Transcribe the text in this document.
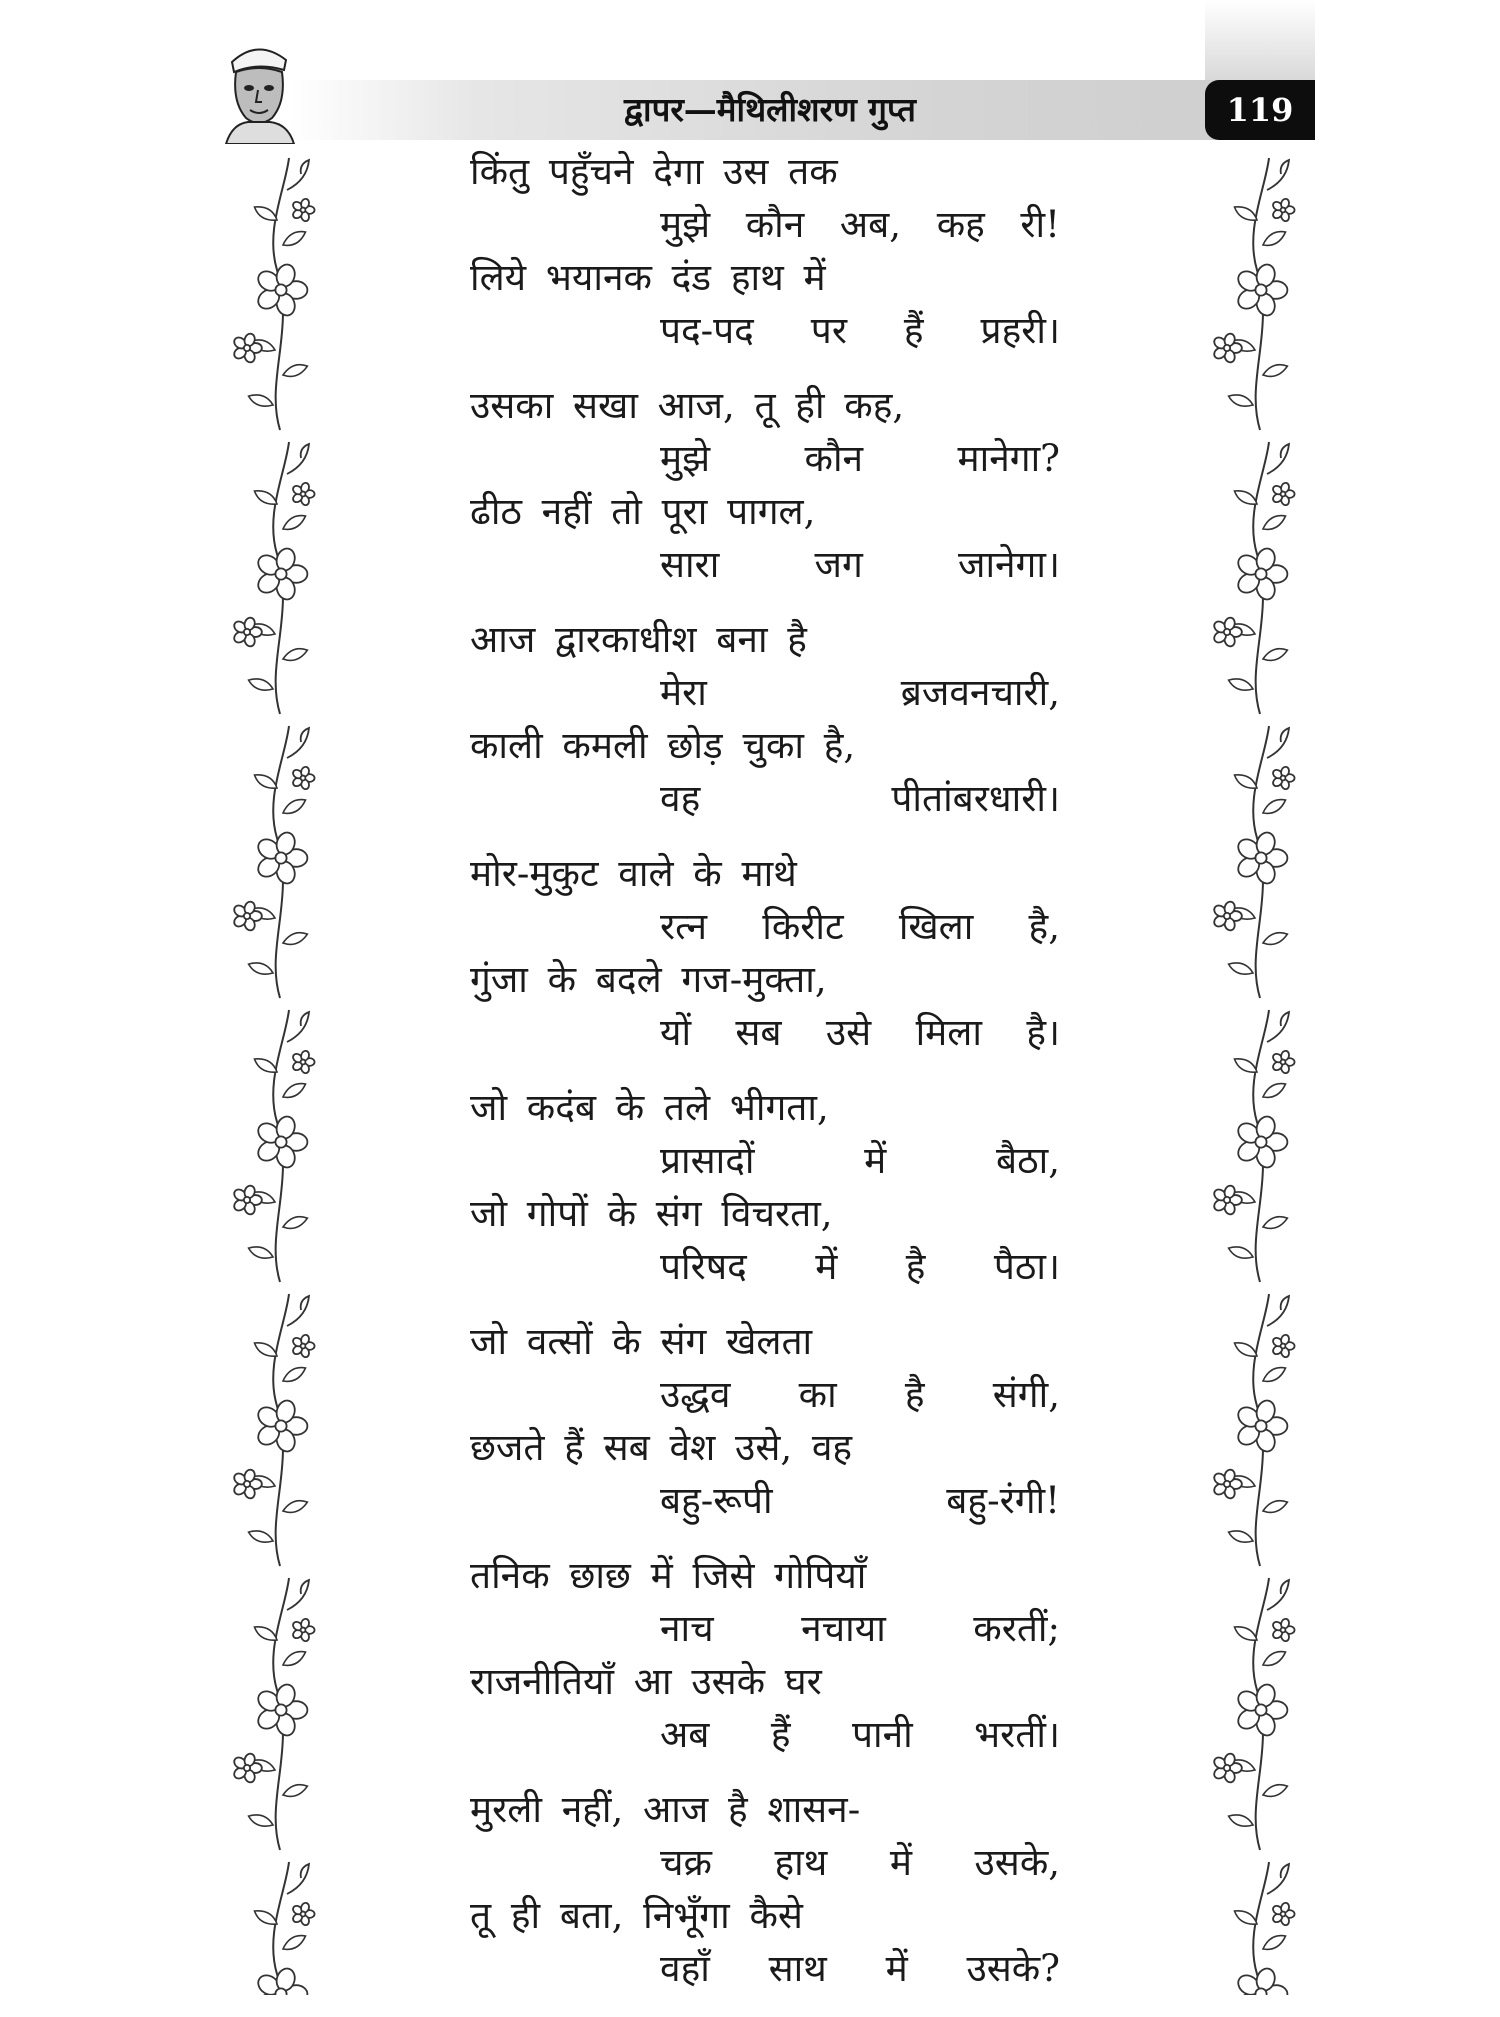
द्वापर—मैथिलीशरण गुप्त	119
किंतु पहुँचने देगा उस तक
मुझे कौन अब, कह री!
लिये भयानक दंड हाथ में
पद-पद पर हैं प्रहरी।
उसका सखा आज, तू ही कह,
मुझे	कौन	मानेगा?
ढीठ नहीं तो पूरा पागल,
सारा	जग	जानेगा।
आज द्वारकाधीश बना है
मेरा	ब्रजवनचारी,
काली कमली छोड़ चुका है,
वह	पीतांबरधारी।
मोर-मुकुट वाले के माथे
रत्न किरीट खिला है,
गुंजा के बदले गज-मुक्ता,
यों सब उसे मिला है।
जो कदंब के तले भीगता,
प्रासादों	में	बैठा,
जो गोपों के संग विचरता,
परिषद में है पैठा।
जो वत्सों के संग खेलता
उद्धव का है संगी,
छजते हैं सब वेश उसे, वह
बहु-रूपी	बहु-रंगी!
तनिक छाछ में जिसे गोपियाँ
नाच नचाया करतीं;
राजनीतियाँ आ उसके घर
अब हैं पानी भरतीं।
मुरली नहीं, आज है शासन-
चक्र हाथ में उसके,
तू ही बता, निभूँगा कैसे
वहाँ साथ में उसके?
